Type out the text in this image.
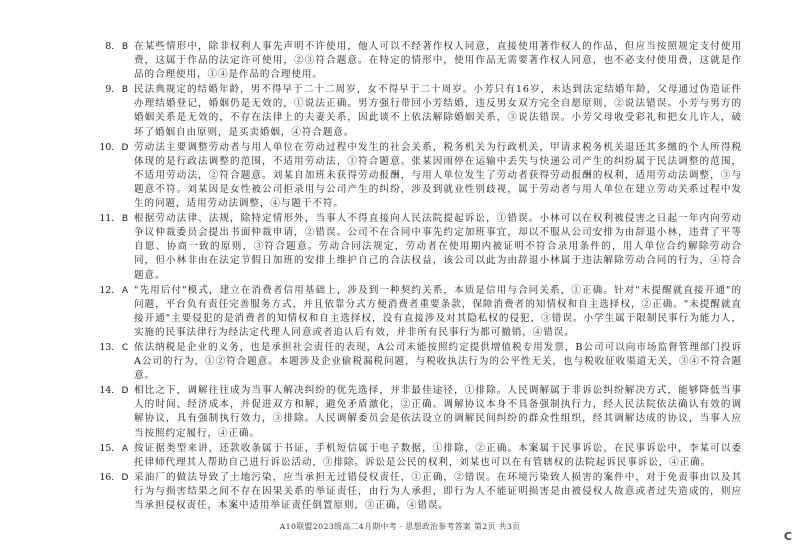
8. B 在某些情形中，除非权利人事先声明不许使用，他人可以不经著作权人同意，直接使用著作权人的作品，但应当按照规定支付使用费，这属于作品的法定许可使用，②③符合题意。在特定的情形中，使用作品无需要著作权人同意，也不必支付使用费，这就是作品的合理使用，①④是作品的合理使用。
9. B 民法典规定的结婚年龄，男不得早于二十二周岁，女不得早于二十周岁。小芳只有16岁，未达到法定结婚年龄，父母通过伪造证件办理结婚登记，婚姻仍是无效的，①说法正确。男方强行带回小芳结婚，违反男女双方完全自愿原则，②说法错误。小芳与男方的婚姻关系是无效的，不存在法律上的夫妻关系，因此谈不上依法解除婚姻关系，③说法错误。小芳父母收受彩礼和把女儿许人，破坏了婚姻自由原则，是买卖婚姻，④符合题意。
10. D 劳动法主要调整劳动者与用人单位在劳动过程中发生的社会关系，税务机关为行政机关，甲请求税务机关退还其多缴的个人所得税体现的是行政法调整的范围，不适用劳动法，①符合题意。张某因雨停在运输中丢失与快递公司产生的纠纷属于民法调整的范围，不适用劳动法，②符合题意。刘某自加班未获得劳动报酬，与用人单位发生了劳动者获得劳动报酬的权利，适用劳动法调整，③与题意不符。刘某因是女性被公司拒录用与公司产生的纠纷，涉及到就业性别歧视，属于劳动者与用人单位在建立劳动关系过程中发生的问题，适用劳动法调整，④与题干不符。
11. B 根据劳动法律、法规，除特定情形外，当事人不得直接向人民法院提起诉讼，①错误。小林可以在权利被侵害之日起一年内向劳动争议仲裁委员会提出书面仲裁申请，②错误。公司不在合同中事先约定加班事宜，却以不服从公司安排为由辞退小林，违背了平等自愿、协商一致的原则，③符合题意。劳动合同法规定，劳动者在使用期内被证明不符合录用条件的，用人单位合约解除劳动合同，但小林非由在法定节假日加班的安排上维护自己的合法权益，该公司以此为由辞退小林属于违法解除劳动合同的行为，④符合题意。
12. A "先用后付"模式，建立在消费者信用基础上，涉及到一种契约关系，本质是信用与合同关系，①正确。针对"未提醒就直接开通"的问题，平台负有责任完善服务方式，并且依靠分式方便消费者重要条款，保障消费者的知情权和自主选择权，②正确。"未提醒就直接开通"主要侵犯的是消费者的知情权和自主选择权，没有直接涉及对其隐私权的侵犯，③错误。小学生属于限制民事行为能力人，实施的民事法律行为经法定代理人同意或者追认后有效，并非所有民事行为都可撤销，④错误。
13. C 依法纳税是企业的义务，也是承担社会责任的表现，A公司未能按照约定提供增值税专用发票，B公司可以向市场监督管理部门投诉A公司的行为，①②符合题意。本题涉及企业偷税漏税问题，与税收执法行为的公平性无关，也与税收征收渠道无关，③④不符合题意。
14. D 相比之下，调解往往成为当事人解决纠纷的优先选择，并非最佳途径，①排除。人民调解属于非诉讼纠纷解决方式，能够降低当事人的时间、经济成本，并促进双方和解，避免矛盾激化，②正确。调解协议本身不具备强制执行力，经人民法院依法确认有效的调解协议，具有强制执行效力，③排除。人民调解委员会是依法设立的调解民间纠纷的群众性组织，经其调解达成的协议，当事人应当按照约定履行，④正确。
15. A 按证据类型来讲，还款收条属于书证，手机短信属于电子数据，①排除，②正确。本案属于民事诉讼，在民事诉讼中，李某可以委托律师代理其人帮助自己进行诉讼活动，③排除。诉讼是公民的权利，刘某也可以在有管辖权的法院起诉民事诉讼，④正确。
16. D 采油厂的做法导致了土地污染，应当承担无过错侵权责任，①正确，②错误。在环境污染致人损害的案件中，对于免责事由以及其行为与损害结果之间不存在因果关系的举证责任，由行为人承担，即行为人不能证明损害是由被侵权人故意或者过失造成的，则应当承担侵权责任，本案中适用举证责任倒置原则，③正确，④错误。
A10联盟2023级高二4月期中考 · 思想政治参考答案 第2页 共3页
C
